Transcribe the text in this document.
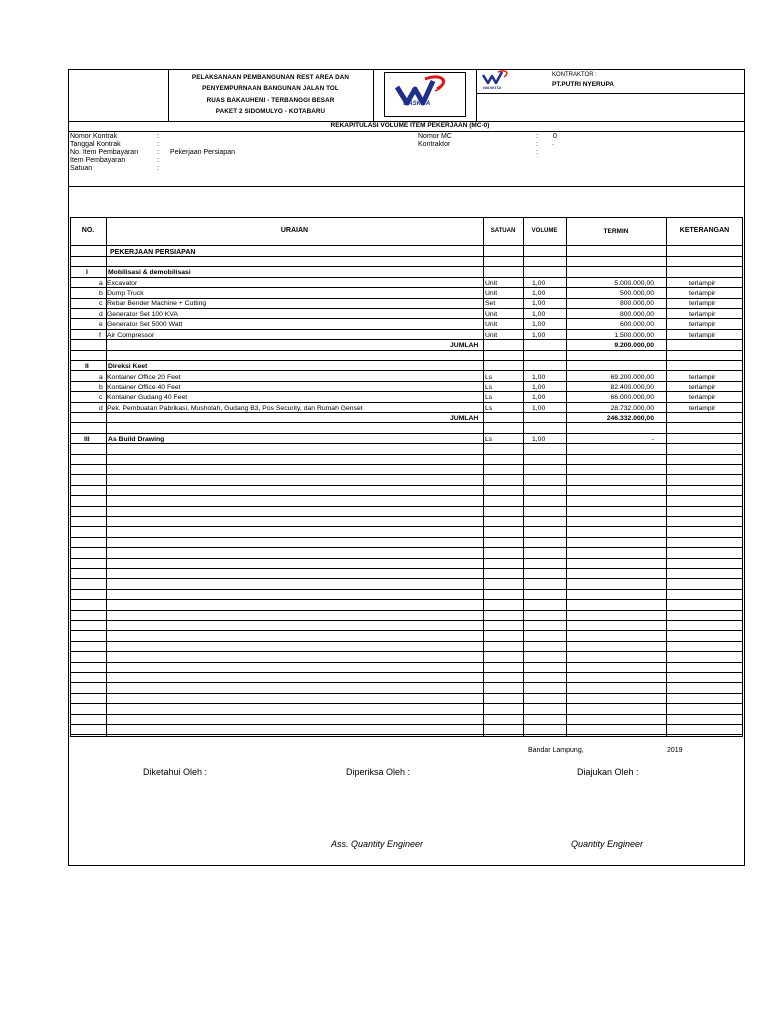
PELAKSANAAN PEMBANGUNAN REST AREA DAN
PENYEMPURNAAN BANGUNAN JALAN TOL
RUAS BAKAUHENI - TERBANGGI BESAR
PAKET 2 SIDOMULYO - KOTABARU
WASKITA
WASKITA
KONTRAKTOR :
PT.PUTRI NYERUPA
REKAPITULASI VOLUME ITEM PEKERJAAN (MC-0)
Nomor Kontrak	:
Tanggal Kontrak	:
No. Item Pembayaran	: Pekerjaan Persiapan
Item Pembayaran	:
Satuan	:
Nomor MC	: 0
Kontraktor	: .
:
NO.	URAIAN	SATUAN	VOLUME	TERMIN	KETERANGAN
PEKERJAAN PERSIAPAN
I	Mobilisasi & demobilisasi
a Excavator	Unit	1,00	5.000.000,00	terlampir
b Dump Truck	Unit	1,00	500.000,00	terlampir
c Rebar Bender Machine + Cutting	Set	1,00	800.000,00	terlampir
d Generator Set 100 KVA	Unit	1,00	800.000,00	terlampir
e Generator Set 5000 Watt	Unit	1,00	600.000,00	terlampir
f Air Compressor	Unit	1,00	1.500.000,00	terlampir
JUMLAH	9.200.000,00
II	Direksi Keet
a Kontainer Office 20 Feet	Ls	1,00	69.200.000,00	terlampir
b Kontainer Office 40 Feet	Ls	1,00	82.400.000,00	terlampir
c Kontainer Gudang 40 Feet	Ls	1,00	66.000.000,00	terlampir
d Pek. Pembuatan Pabrikasi, Musholah, Gudang B3, Pos Security, dan Rumah Genset	Ls	1,00	28.732.000,00	terlampir
JUMLAH	246.332.000,00
III	As Build Drawing	Ls	1,00	-
Bandar Lampung,	2019
Diketahui Oleh :	Diperiksa Oleh :	Diajukan Oleh :
Ass. Quantity Engineer	Quantity Engineer
